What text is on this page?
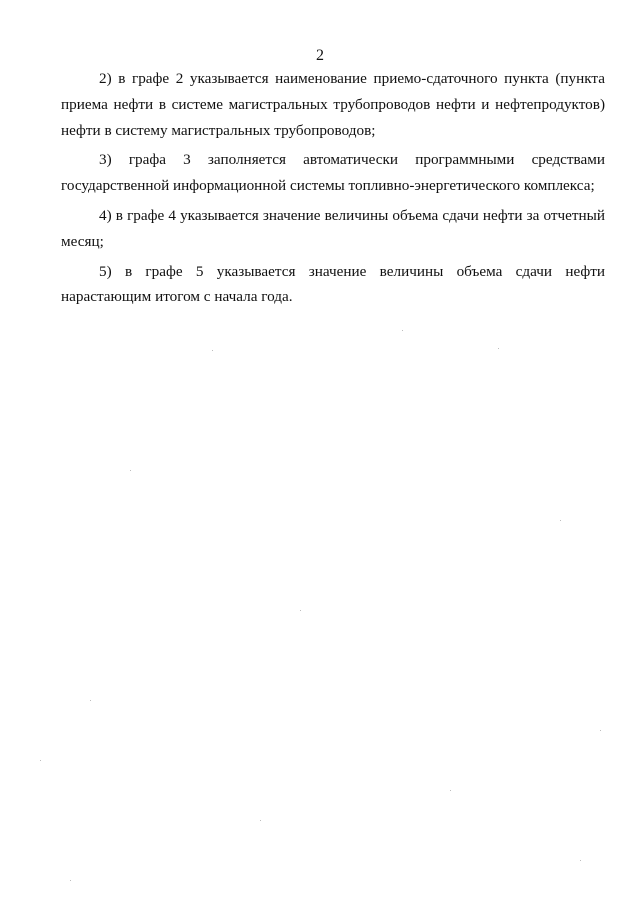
2

2) в графе 2 указывается наименование приемо-сдаточного пункта (пункта приема нефти в системе магистральных трубопроводов нефти и нефтепродуктов) нефти в систему магистральных трубопроводов;

3) графа 3 заполняется автоматически программными средствами государственной информационной системы топливно-энергетического комплекса;

4) в графе 4 указывается значение величины объема сдачи нефти за отчетный месяц;

5) в графе 5 указывается значение величины объема сдачи нефти нарастающим итогом с начала года.
